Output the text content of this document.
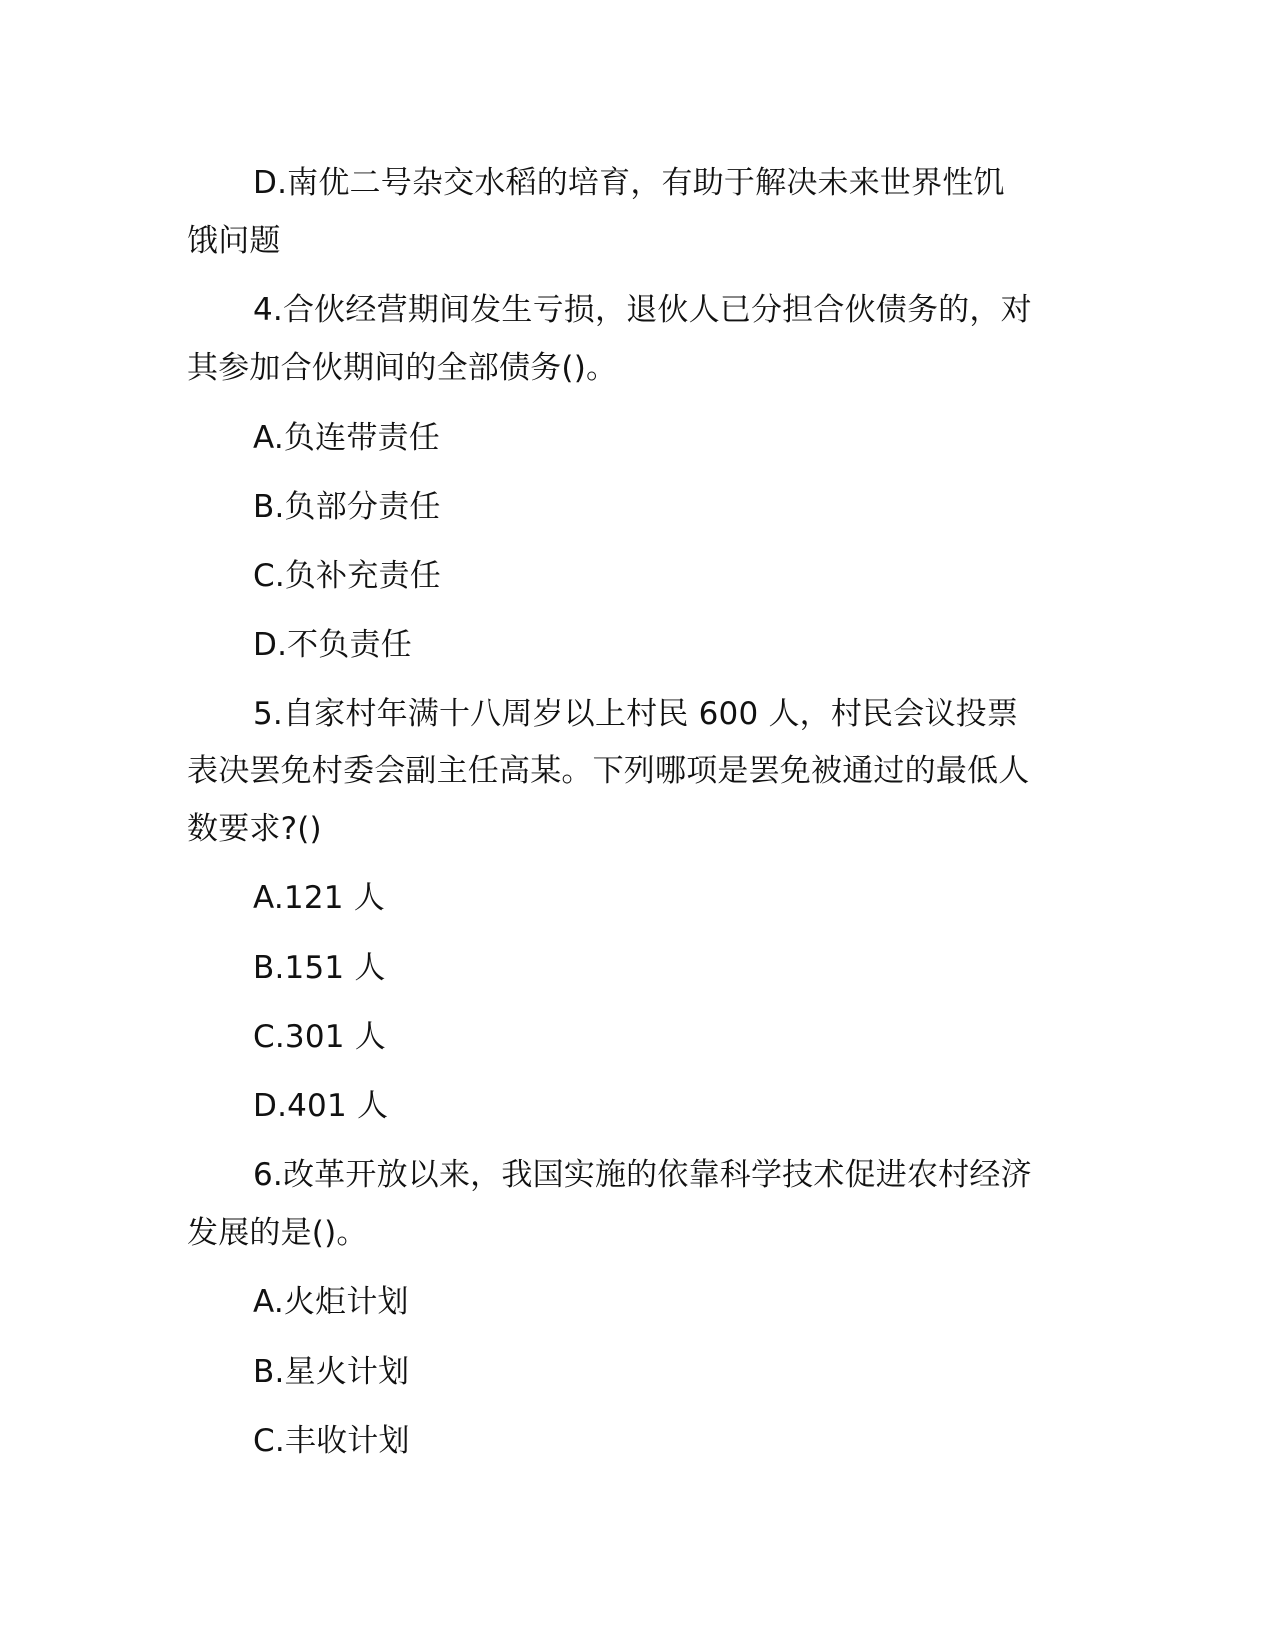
D.南优二号杂交水稻的培育，有助于解决未来世界性饥
饿问题
4.合伙经营期间发生亏损，退伙人已分担合伙债务的，对
其参加合伙期间的全部债务()。
A.负连带责任
B.负部分责任
C.负补充责任
D.不负责任
5.自家村年满十八周岁以上村民 600 人，村民会议投票
表决罢免村委会副主任高某。下列哪项是罢免被通过的最低人
数要求?()
A.121 人
B.151 人
C.301 人
D.401 人
6.改革开放以来，我国实施的依靠科学技术促进农村经济
发展的是()。
A.火炬计划
B.星火计划
C.丰收计划
